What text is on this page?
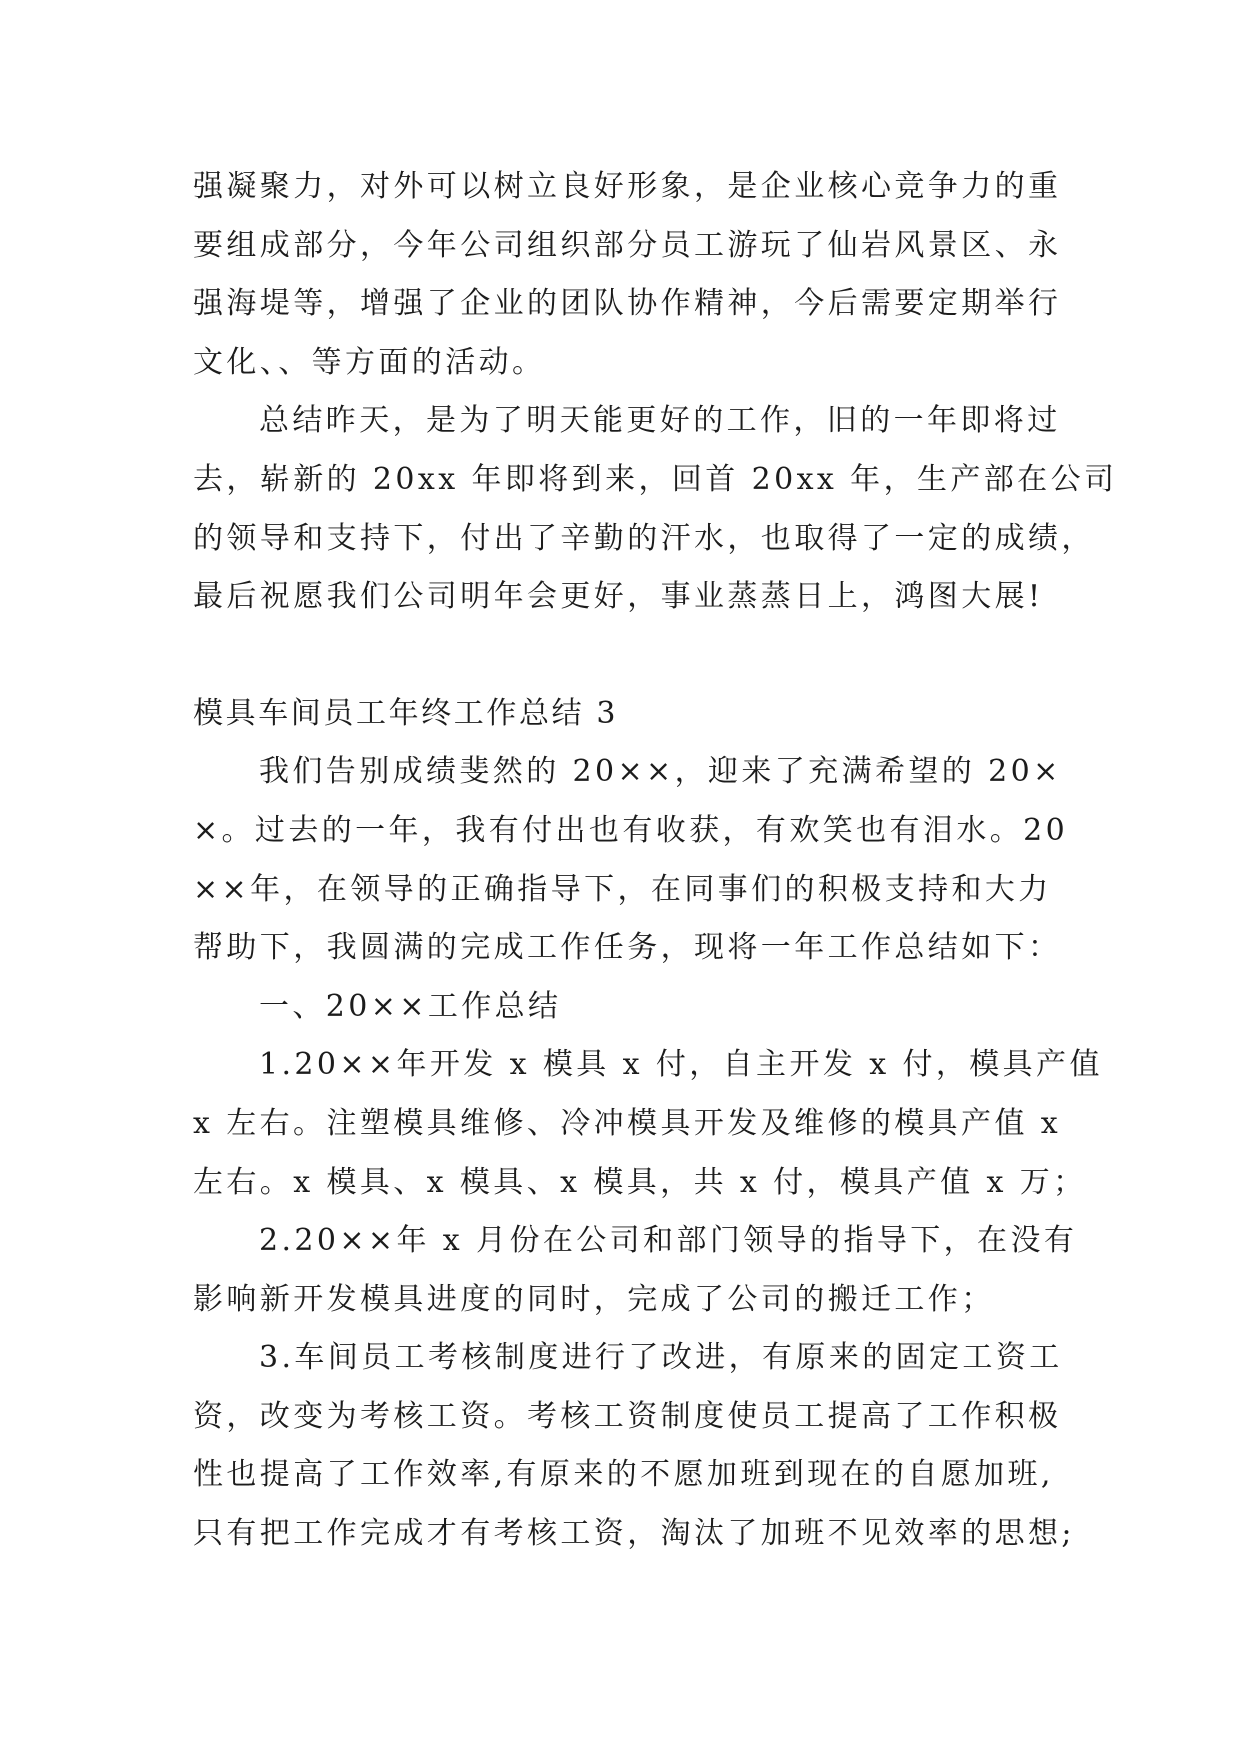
强凝聚力，对外可以树立良好形象，是企业核心竞争力的重
要组成部分，今年公司组织部分员工游玩了仙岩风景区、永
强海堤等，增强了企业的团队协作精神，今后需要定期举行
文化、、等方面的活动。
总结昨天，是为了明天能更好的工作，旧的一年即将过
去，崭新的 20xx 年即将到来，回首 20xx 年，生产部在公司
的领导和支持下，付出了辛勤的汗水，也取得了一定的成绩，
最后祝愿我们公司明年会更好，事业蒸蒸日上，鸿图大展!
模具车间员工年终工作总结 3
我们告别成绩斐然的 20××，迎来了充满希望的 20×
×。过去的一年，我有付出也有收获，有欢笑也有泪水。20
××年，在领导的正确指导下，在同事们的积极支持和大力
帮助下，我圆满的完成工作任务，现将一年工作总结如下：
一、20××工作总结
1.20××年开发 x 模具 x 付，自主开发 x 付，模具产值
x 左右。注塑模具维修、冷冲模具开发及维修的模具产值 x
左右。x 模具、x 模具、x 模具，共 x 付，模具产值 x 万；
2.20××年 x 月份在公司和部门领导的指导下，在没有
影响新开发模具进度的同时，完成了公司的搬迁工作；
3.车间员工考核制度进行了改进，有原来的固定工资工
资，改变为考核工资。考核工资制度使员工提高了工作积极
性也提高了工作效率,有原来的不愿加班到现在的自愿加班,
只有把工作完成才有考核工资，淘汰了加班不见效率的思想;
